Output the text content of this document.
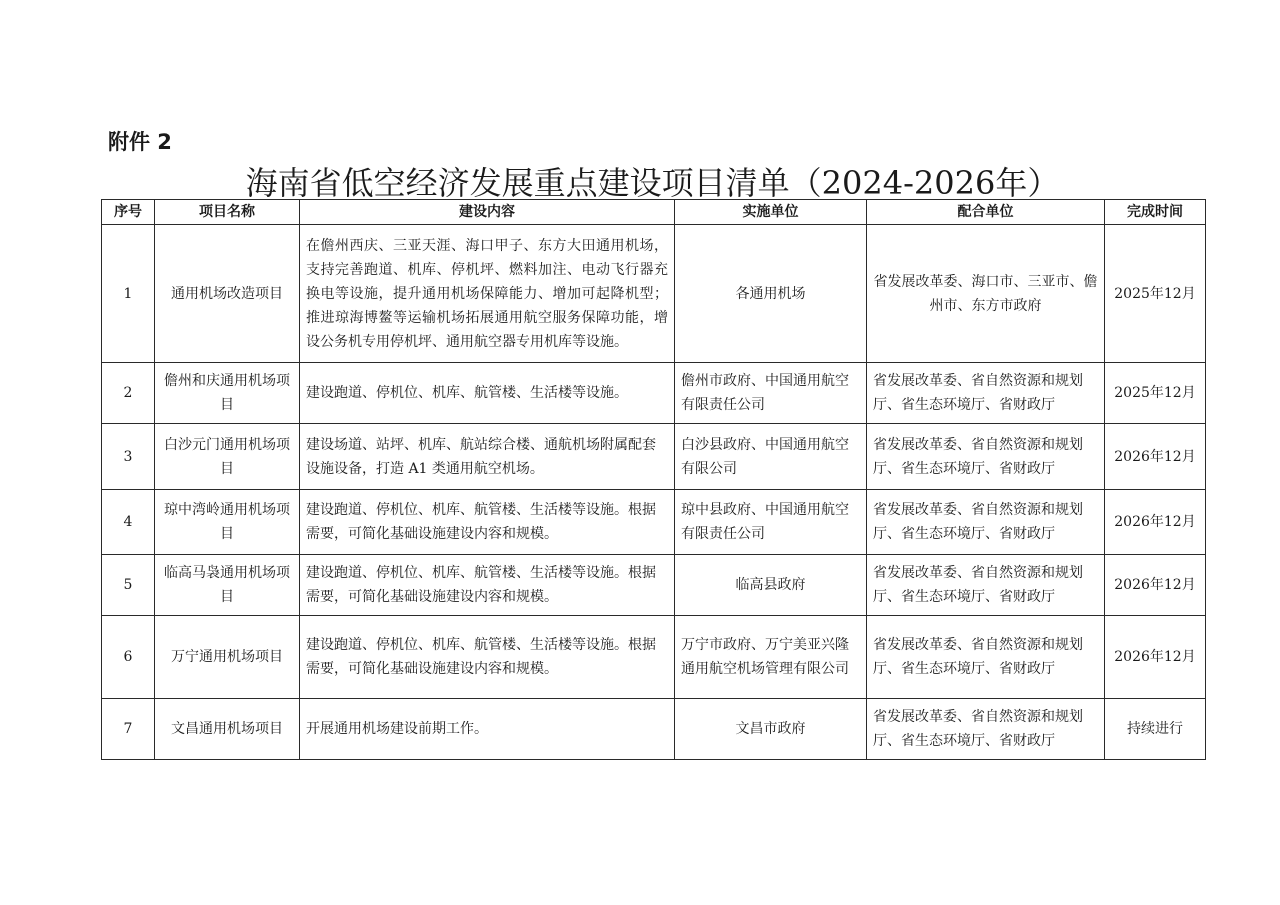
附件 2
海南省低空经济发展重点建设项目清单（2024-2026年）
序号	项目名称	建设内容	实施单位	配合单位	完成时间
1	通用机场改造项目	在儋州西庆、三亚天涯、海口甲子、东方大田通用机场，支持完善跑道、机库、停机坪、燃料加注、电动飞行器充换电等设施，提升通用机场保障能力、增加可起降机型；推进琼海博鳌等运输机场拓展通用航空服务保障功能，增设公务机专用停机坪、通用航空器专用机库等设施。	各通用机场	省发展改革委、海口市、三亚市、儋州市、东方市政府	2025年12月
2	儋州和庆通用机场项目	建设跑道、停机位、机库、航管楼、生活楼等设施。	儋州市政府、中国通用航空有限责任公司	省发展改革委、省自然资源和规划厅、省生态环境厅、省财政厅	2025年12月
3	白沙元门通用机场项目	建设场道、站坪、机库、航站综合楼、通航机场附属配套设施设备，打造 A1 类通用航空机场。	白沙县政府、中国通用航空有限公司	省发展改革委、省自然资源和规划厅、省生态环境厅、省财政厅	2026年12月
4	琼中湾岭通用机场项目	建设跑道、停机位、机库、航管楼、生活楼等设施。根据需要，可简化基础设施建设内容和规模。	琼中县政府、中国通用航空有限责任公司	省发展改革委、省自然资源和规划厅、省生态环境厅、省财政厅	2026年12月
5	临高马袅通用机场项目	建设跑道、停机位、机库、航管楼、生活楼等设施。根据需要，可简化基础设施建设内容和规模。	临高县政府	省发展改革委、省自然资源和规划厅、省生态环境厅、省财政厅	2026年12月
6	万宁通用机场项目	建设跑道、停机位、机库、航管楼、生活楼等设施。根据需要，可简化基础设施建设内容和规模。	万宁市政府、万宁美亚兴隆通用航空机场管理有限公司	省发展改革委、省自然资源和规划厅、省生态环境厅、省财政厅	2026年12月
7	文昌通用机场项目	开展通用机场建设前期工作。	文昌市政府	省发展改革委、省自然资源和规划厅、省生态环境厅、省财政厅	持续进行
